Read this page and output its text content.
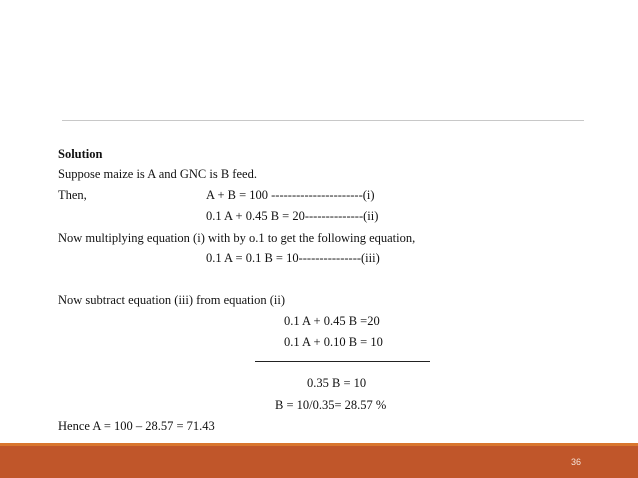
Solution
Suppose maize is A and GNC is B feed.
Then,	A + B = 100 ----------------------(i)
0.1 A + 0.45 B = 20--------------(ii)
Now multiplying equation (i) with by o.1 to get the following equation,
0.1 A = 0.1 B = 10---------------(iii)
Now subtract equation (iii) from equation (ii)
0.1 A + 0.45 B =20
0.1 A + 0.10 B = 10
0.35 B = 10
B = 10/0.35= 28.57 %
Hence A = 100 – 28.57 = 71.43
36
